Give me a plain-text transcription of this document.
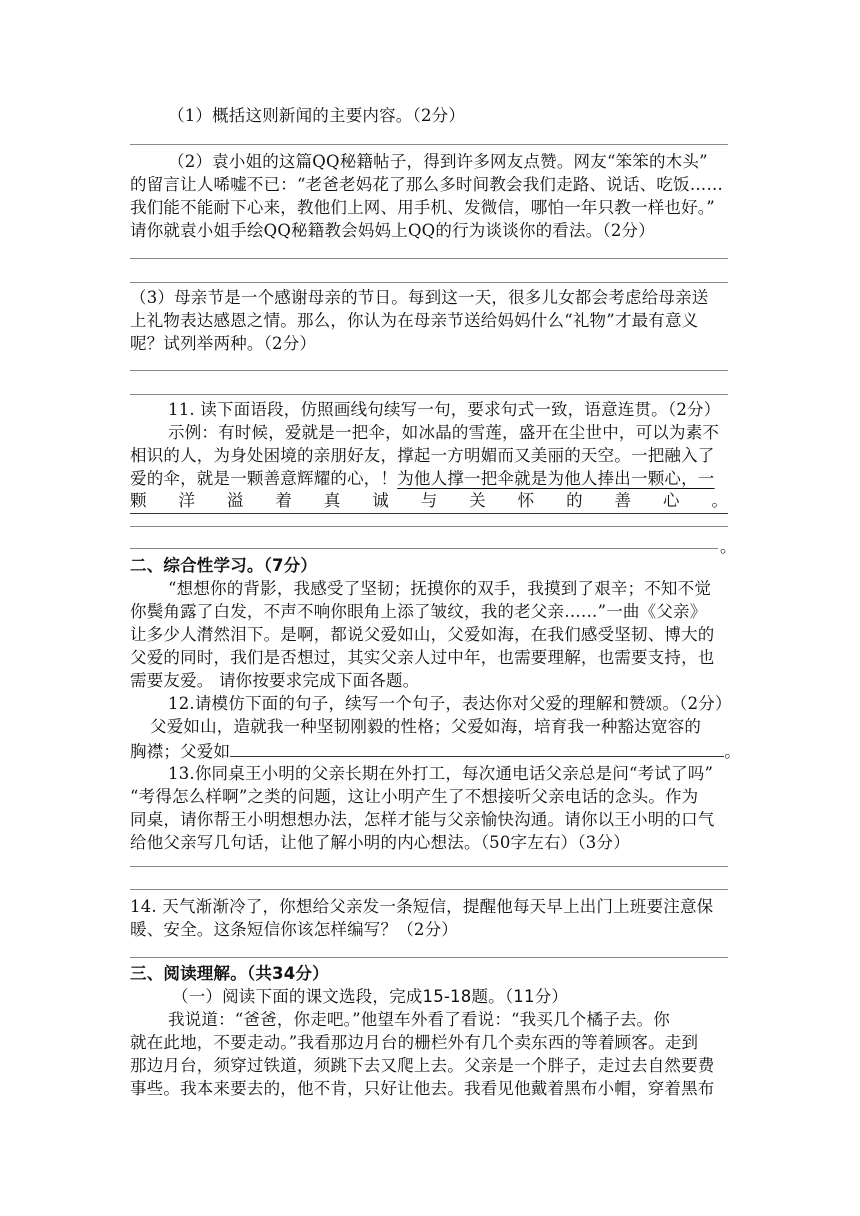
（1）概括这则新闻的主要内容。（2分）
（2）袁小姐的这篇QQ秘籍帖子，得到许多网友点赞。网友“笨笨的木头”
的留言让人唏嘘不已：“老爸老妈花了那么多时间教会我们走路、说话、吃饭……
我们能不能耐下心来，教他们上网、用手机、发微信，哪怕一年只教一样也好。”
请你就袁小姐手绘QQ秘籍教会妈妈上QQ的行为谈谈你的看法。（2分）
（3）母亲节是一个感谢母亲的节日。每到这一天，很多儿女都会考虑给母亲送
上礼物表达感恩之情。那么，你认为在母亲节送给妈妈什么“礼物”才最有意义
呢？试列举两种。（2分）
11. 读下面语段，仿照画线句续写一句，要求句式一致，语意连贯。（2分）
示例：有时候，爱就是一把伞，如冰晶的雪莲，盛开在尘世中，可以为素不
相识的人，为身处困境的亲朋好友，撑起一方明媚而又美丽的天空。一把融入了
爱的伞，就是一颗善意辉耀的心，！为他人撑一把伞就是为他人捧出一颗心，一
颗 洋 溢 着 真 诚 与 关 怀 的 善 心 。
。
二、综合性学习。（7分）
“想想你的背影，我感受了坚韧；抚摸你的双手，我摸到了艰辛；不知不觉
你鬓角露了白发，不声不响你眼角上添了皱纹，我的老父亲……”一曲《父亲》
让多少人潸然泪下。是啊，都说父爱如山，父爱如海，在我们感受坚韧、博大的
父爱的同时，我们是否想过，其实父亲人过中年，也需要理解，也需要支持，也
需要友爱。 请你按要求完成下面各题。
12.请模仿下面的句子，续写一个句子，表达你对父爱的理解和赞颂。（2分）
父爱如山，造就我一种坚韧刚毅的性格；父爱如海，培育我一种豁达宽容的
胸襟；父爱如	。
13.你同桌王小明的父亲长期在外打工，每次通电话父亲总是问“考试了吗”
“考得怎么样啊”之类的问题，这让小明产生了不想接听父亲电话的念头。作为
同桌，请你帮王小明想想办法，怎样才能与父亲愉快沟通。请你以王小明的口气
给他父亲写几句话，让他了解小明的内心想法。（50字左右）（3分）
14. 天气渐渐冷了，你想给父亲发一条短信，提醒他每天早上出门上班要注意保
暖、安全。这条短信你该怎样编写？（2分）
三、阅读理解。（共34分）
（一）阅读下面的课文选段，完成15-18题。（11分）
我说道：“爸爸，你走吧。”他望车外看了看说：“我买几个橘子去。你
就在此地，不要走动。”我看那边月台的栅栏外有几个卖东西的等着顾客。走到
那边月台，须穿过铁道，须跳下去又爬上去。父亲是一个胖子，走过去自然要费
事些。我本来要去的，他不肯，只好让他去。我看见他戴着黑布小帽，穿着黑布
